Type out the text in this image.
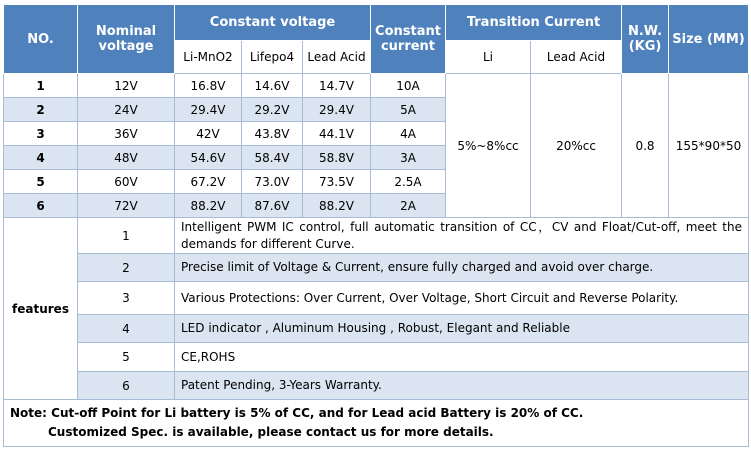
NO.	Nominal voltage	Constant voltage			Constant current	Transition Current		N.W. (KG)	Size (MM)
		Li-MnO2	Lifepo4	Lead Acid		Li	Lead Acid		
1	12V	16.8V	14.6V	14.7V	10A	5%~8%cc	20%cc	0.8	155*90*50
2	24V	29.4V	29.2V	29.4V	5A				
3	36V	42V	43.8V	44.1V	4A				
4	48V	54.6V	58.4V	58.8V	3A				
5	60V	67.2V	73.0V	73.5V	2.5A				
6	72V	88.2V	87.6V	88.2V	2A				
features	1	Intelligent PWM IC control, full automatic transition of CC，CV and Float/Cut-off, meet the demands for different Curve.							
	2	Precise limit of Voltage & Current, ensure fully charged and avoid over charge.							
	3	Various Protections: Over Current, Over Voltage, Short Circuit and Reverse Polarity.							
	4	LED indicator , Aluminum Housing , Robust, Elegant and Reliable							
	5	CE,ROHS							
	6	Patent Pending, 3-Years Warranty.							
Note: Cut-off Point for Li battery is 5% of CC, and for Lead acid Battery is 20% of CC.
Customized Spec. is available, please contact us for more details.									
